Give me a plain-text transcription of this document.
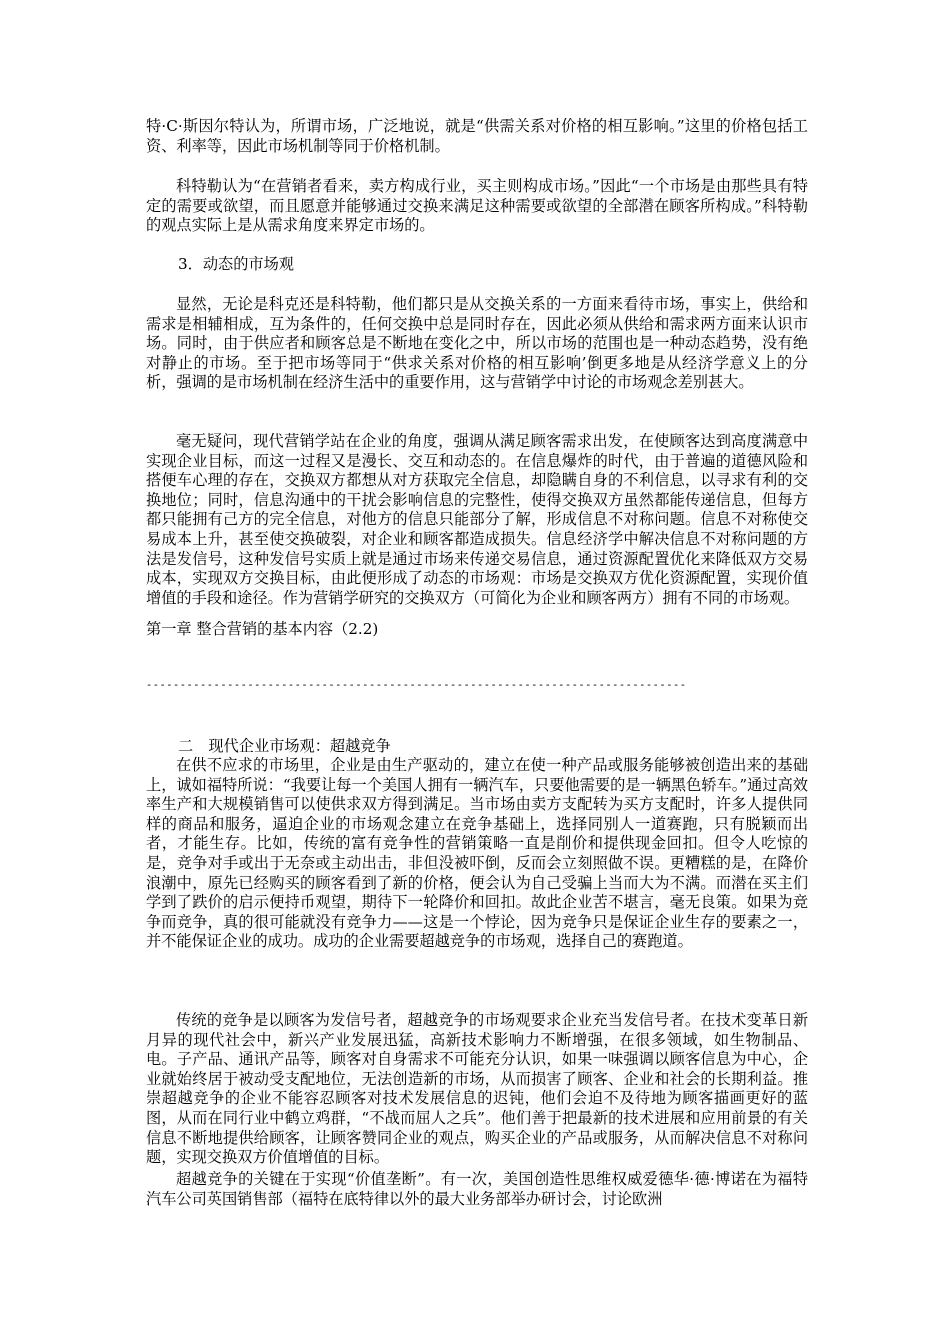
特·C·斯因尔特认为，所谓市场，广泛地说，就是“供需关系对价格的相互影响。”这里的价格包括工资、利率等，因此市场机制等同于价格机制。

科特勒认为“在营销者看来，卖方构成行业，买主则构成市场。”因此“一个市场是由那些具有特定的需要或欲望，而且愿意并能够通过交换来满足这种需要或欲望的全部潜在顾客所构成。”科特勒的观点实际上是从需求角度来界定市场的。

3．动态的市场观

显然，无论是科克还是科特勒，他们都只是从交换关系的一方面来看待市场，事实上，供给和需求是相辅相成，互为条件的，任何交换中总是同时存在，因此必须从供给和需求两方面来认识市场。同时，由于供应者和顾客总是不断地在变化之中，所以市场的范围也是一种动态趋势，没有绝对静止的市场。至于把市场等同于“供求关系对价格的相互影响’倒更多地是从经济学意义上的分析，强调的是市场机制在经济生活中的重要作用，这与营销学中讨论的市场观念差别甚大。

毫无疑问，现代营销学站在企业的角度，强调从满足顾客需求出发，在使顾客达到高度满意中实现企业目标，而这一过程又是漫长、交互和动态的。在信息爆炸的时代，由于普遍的道德风险和搭便车心理的存在，交换双方都想从对方获取完全信息，却隐瞒自身的不利信息，以寻求有利的交换地位；同时，信息沟通中的干扰会影响信息的完整性，使得交换双方虽然都能传递信息，但每方都只能拥有己方的完全信息，对他方的信息只能部分了解，形成信息不对称问题。信息不对称使交易成本上升，甚至使交换破裂，对企业和顾客都造成损失。信息经济学中解决信息不对称问题的方法是发信号，这种发信号实质上就是通过市场来传递交易信息，通过资源配置优化来降低双方交易成本，实现双方交换目标，由此便形成了动态的市场观：市场是交换双方优化资源配置，实现价值增值的手段和途径。作为营销学研究的交换双方（可简化为企业和顾客两方）拥有不同的市场观。

第一章 整合营销的基本内容（2.2)

--------------------------------------------------------------------------------

二　现代企业市场观：超越竞争

在供不应求的市场里，企业是由生产驱动的，建立在使一种产品或服务能够被创造出来的基础上，诚如福特所说：“我要让每一个美国人拥有一辆汽车，只要他需要的是一辆黑色轿车。”通过高效率生产和大规模销售可以使供求双方得到满足。当市场由卖方支配转为买方支配时，许多人提供同样的商品和服务，逼迫企业的市场观念建立在竞争基础上，选择同别人一道赛跑，只有脱颖而出者，才能生存。比如，传统的富有竞争性的营销策略一直是削价和提供现金回扣。但令人吃惊的是，竞争对手或出于无奈或主动出击，非但没被吓倒，反而会立刻照做不误。更糟糕的是，在降价浪潮中，原先已经购买的顾客看到了新的价格，便会认为自己受骗上当而大为不满。而潜在买主们学到了跌价的启示便持币观望，期待下一轮降价和回扣。故此企业苦不堪言，毫无良策。如果为竞争而竞争，真的很可能就没有竞争力——这是一个悖论，因为竞争只是保证企业生存的要素之一，并不能保证企业的成功。成功的企业需要超越竞争的市场观，选择自己的赛跑道。

传统的竞争是以顾客为发信号者，超越竞争的市场观要求企业充当发信号者。在技术变革日新月异的现代社会中，新兴产业发展迅猛，高新技术影响力不断增强，在很多领域，如生物制品、电。子产品、通讯产品等，顾客对自身需求不可能充分认识，如果一味强调以顾客信息为中心，企业就始终居于被动受支配地位，无法创造新的市场，从而损害了顾客、企业和社会的长期利益。推崇超越竞争的企业不能容忍顾客对技术发展信息的迟钝，他们会迫不及待地为顾客描画更好的蓝图，从而在同行业中鹤立鸡群，“不战而屈人之兵”。他们善于把最新的技术进展和应用前景的有关信息不断地提供给顾客，让顾客赞同企业的观点，购买企业的产品或服务，从而解决信息不对称问题，实现交换双方价值增值的目标。

超越竞争的关键在于实现“价值垄断”。有一次，美国创造性思维权威爱德华·德·博诺在为福特汽车公司英国销售部（福特在底特律以外的最大业务部举办研讨会，讨论欧洲
